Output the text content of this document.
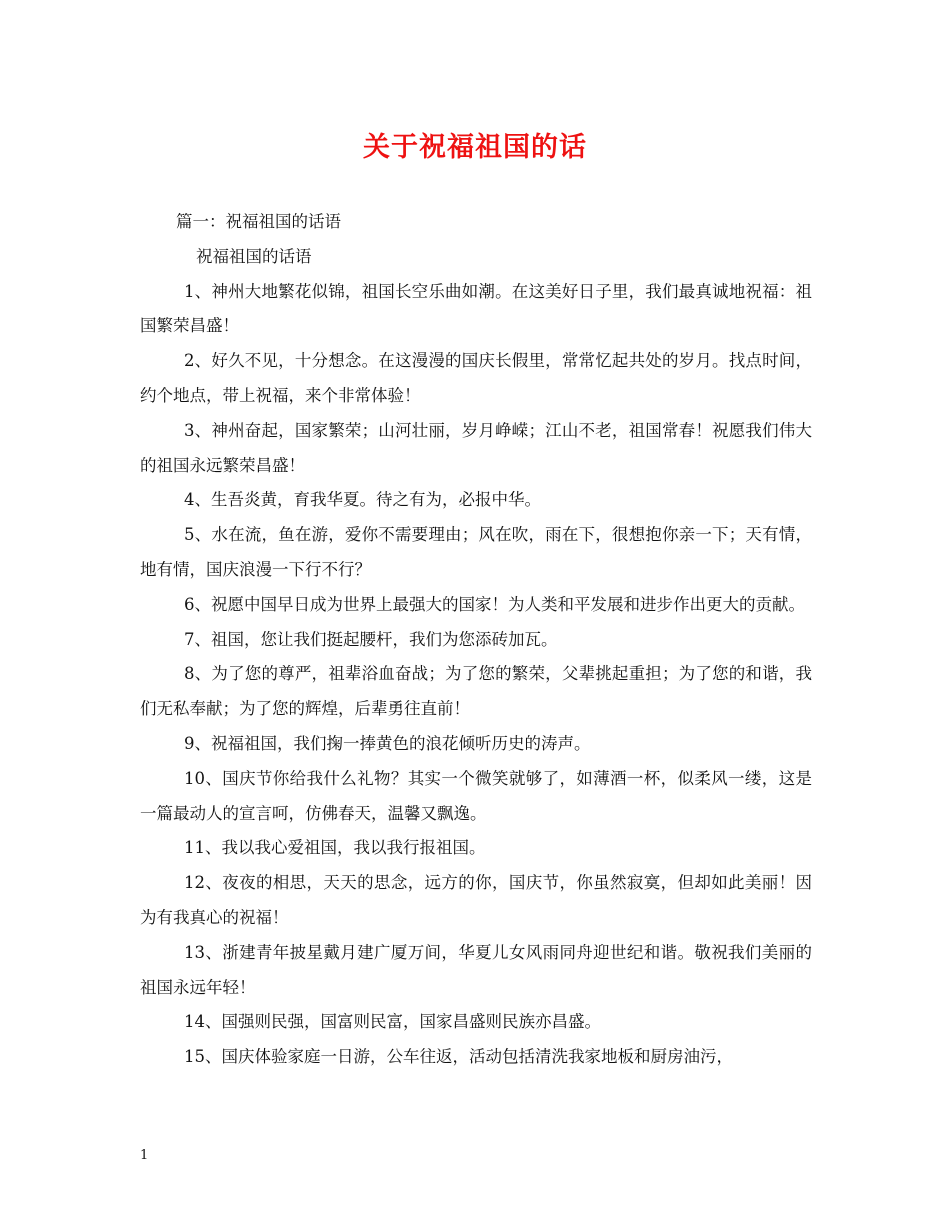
关于祝福祖国的话

篇一：祝福祖国的话语

祝福祖国的话语

1、神州大地繁花似锦，祖国长空乐曲如潮。在这美好日子里，我们最真诚地祝福：祖国繁荣昌盛！

2、好久不见，十分想念。在这漫漫的国庆长假里，常常忆起共处的岁月。找点时间，约个地点，带上祝福，来个非常体验！

3、神州奋起，国家繁荣；山河壮丽，岁月峥嵘；江山不老，祖国常春！祝愿我们伟大的祖国永远繁荣昌盛！

4、生吾炎黄，育我华夏。待之有为，必报中华。

5、水在流，鱼在游，爱你不需要理由；风在吹，雨在下，很想抱你亲一下；天有情，地有情，国庆浪漫一下行不行？

6、祝愿中国早日成为世界上最强大的国家！为人类和平发展和进步作出更大的贡献。

7、祖国，您让我们挺起腰杆，我们为您添砖加瓦。

8、为了您的尊严，祖辈浴血奋战；为了您的繁荣，父辈挑起重担；为了您的和谐，我们无私奉献；为了您的辉煌，后辈勇往直前！

9、祝福祖国，我们掬一捧黄色的浪花倾听历史的涛声。

10、国庆节你给我什么礼物？其实一个微笑就够了，如薄酒一杯，似柔风一缕，这是一篇最动人的宣言呵，仿佛春天，温馨又飘逸。

11、我以我心爱祖国，我以我行报祖国。

12、夜夜的相思，天天的思念，远方的你，国庆节，你虽然寂寞，但却如此美丽！因为有我真心的祝福！

13、浙建青年披星戴月建广厦万间，华夏儿女风雨同舟迎世纪和谐。敬祝我们美丽的祖国永远年轻！

14、国强则民强，国富则民富，国家昌盛则民族亦昌盛。

15、国庆体验家庭一日游，公车往返，活动包括清洗我家地板和厨房油污，

1
